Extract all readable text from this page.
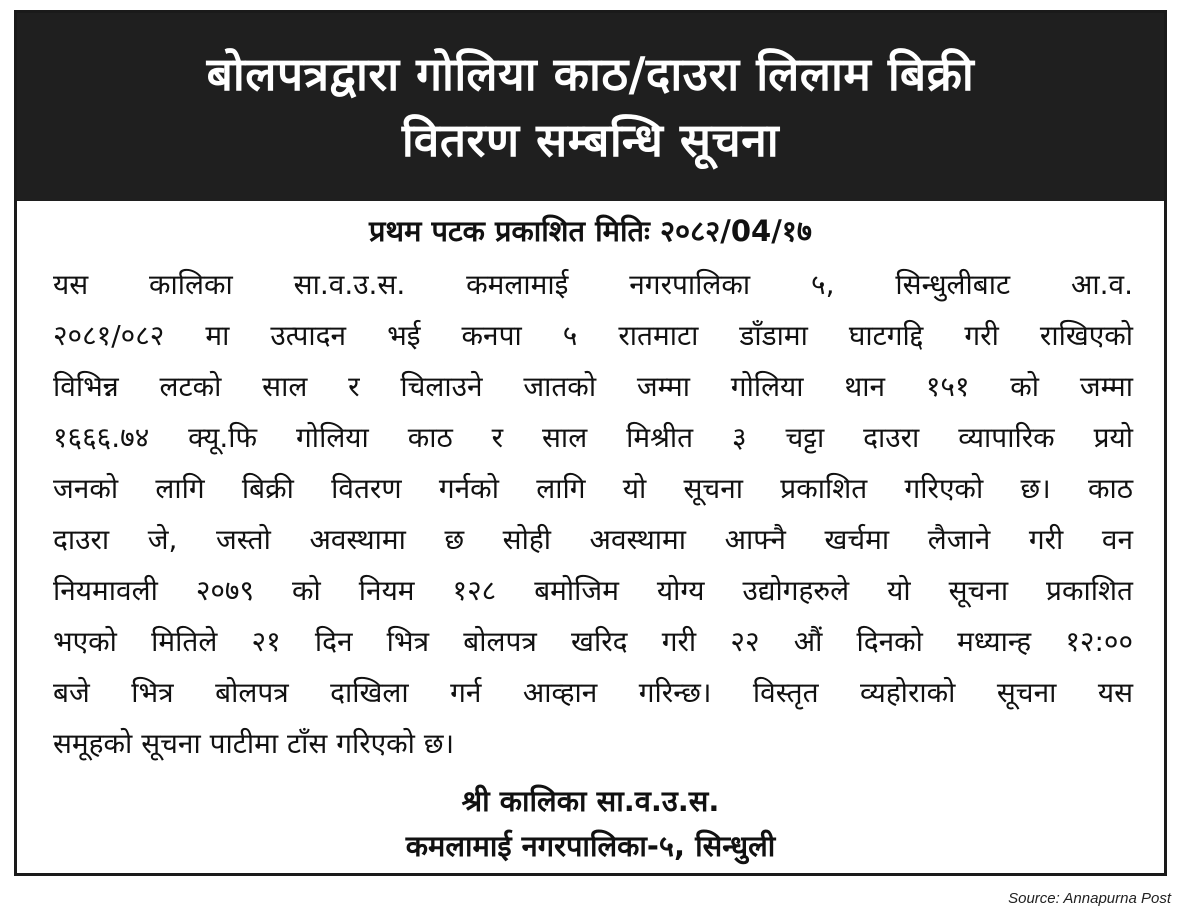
बोलपत्रद्वारा गोलिया काठ/दाउरा लिलाम बिक्री
वितरण सम्बन्धि सूचना
प्रथम पटक प्रकाशित मितिः २०८२/04/१७
यस कालिका सा.व.उ.स. कमलामाई नगरपालिका ५, सिन्धुलीबाट आ.व.
२०८१/०८२ मा उत्पादन भई कनपा ५ रातमाटा डाँडामा घाटगद्दि गरी राखिएको
विभिन्न लटको साल र चिलाउने जातको जम्मा गोलिया थान १५१ को जम्मा
१६६६.७४ क्यू.फि गोलिया काठ र साल मिश्रीत ३ चट्टा दाउरा व्यापारिक प्रयो
जनको लागि बिक्री वितरण गर्नको लागि यो सूचना प्रकाशित गरिएको छ। काठ
दाउरा जे, जस्तो अवस्थामा छ सोही अवस्थामा आफ्नै खर्चमा लैजाने गरी वन
नियमावली २०७९ को नियम १२८ बमोजिम योग्य उद्योगहरुले यो सूचना प्रकाशित
भएको मितिले २१ दिन भित्र बोलपत्र खरिद गरी २२ औं दिनको मध्यान्ह १२:००
बजे भित्र बोलपत्र दाखिला गर्न आव्हान गरिन्छ। विस्तृत व्यहोराको सूचना यस
समूहको सूचना पाटीमा टाँस गरिएको छ।
श्री कालिका सा.व.उ.स.
कमलामाई नगरपालिका-५, सिन्धुली
Source: Annapurna Post
